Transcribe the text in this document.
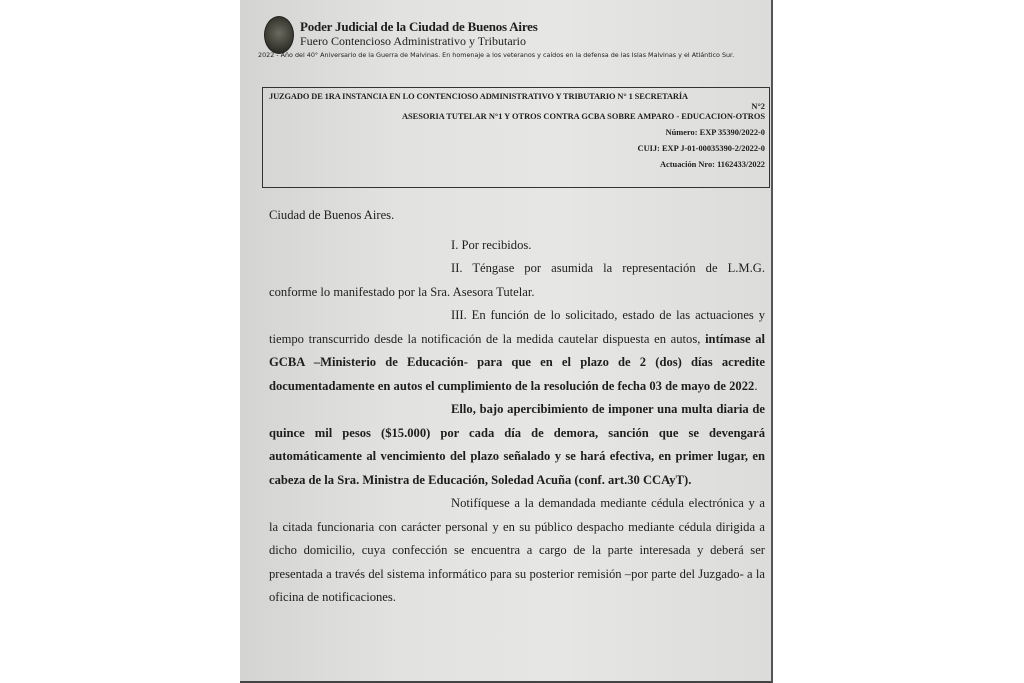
Poder Judicial de la Ciudad de Buenos Aires
Fuero Contencioso Administrativo y Tributario
2022 - Año del 40° Aniversario de la Guerra de Malvinas. En homenaje a los veteranos y caídos en la defensa de las Islas Malvinas y el Atlántico Sur.
JUZGADO DE 1RA INSTANCIA EN LO CONTENCIOSO ADMINISTRATIVO Y TRIBUTARIO N° 1 SECRETARÍA
N°2
ASESORIA TUTELAR N°1 Y OTROS CONTRA GCBA SOBRE AMPARO - EDUCACION-OTROS
Número: EXP 35390/2022-0
CUIJ: EXP J-01-00035390-2/2022-0
Actuación Nro: 1162433/2022

Ciudad de Buenos Aires.

I. Por recibidos.

II. Téngase por asumida la representación de L.M.G. conforme lo manifestado por la Sra. Asesora Tutelar.

III. En función de lo solicitado, estado de las actuaciones y tiempo transcurrido desde la notificación de la medida cautelar dispuesta en autos, intímase al GCBA –Ministerio de Educación- para que en el plazo de 2 (dos) días acredite documentadamente en autos el cumplimiento de la resolución de fecha 03 de mayo de 2022.

Ello, bajo apercibimiento de imponer una multa diaria de quince mil pesos ($15.000) por cada día de demora, sanción que se devengará automáticamente al vencimiento del plazo señalado y se hará efectiva, en primer lugar, en cabeza de la Sra. Ministra de Educación, Soledad Acuña (conf. art.30 CCAyT).

Notifíquese a la demandada mediante cédula electrónica y a la citada funcionaria con carácter personal y en su público despacho mediante cédula dirigida a dicho domicilio, cuya confección se encuentra a cargo de la parte interesada y deberá ser presentada a través del sistema informático para su posterior remisión –por parte del Juzgado- a la oficina de notificaciones.
